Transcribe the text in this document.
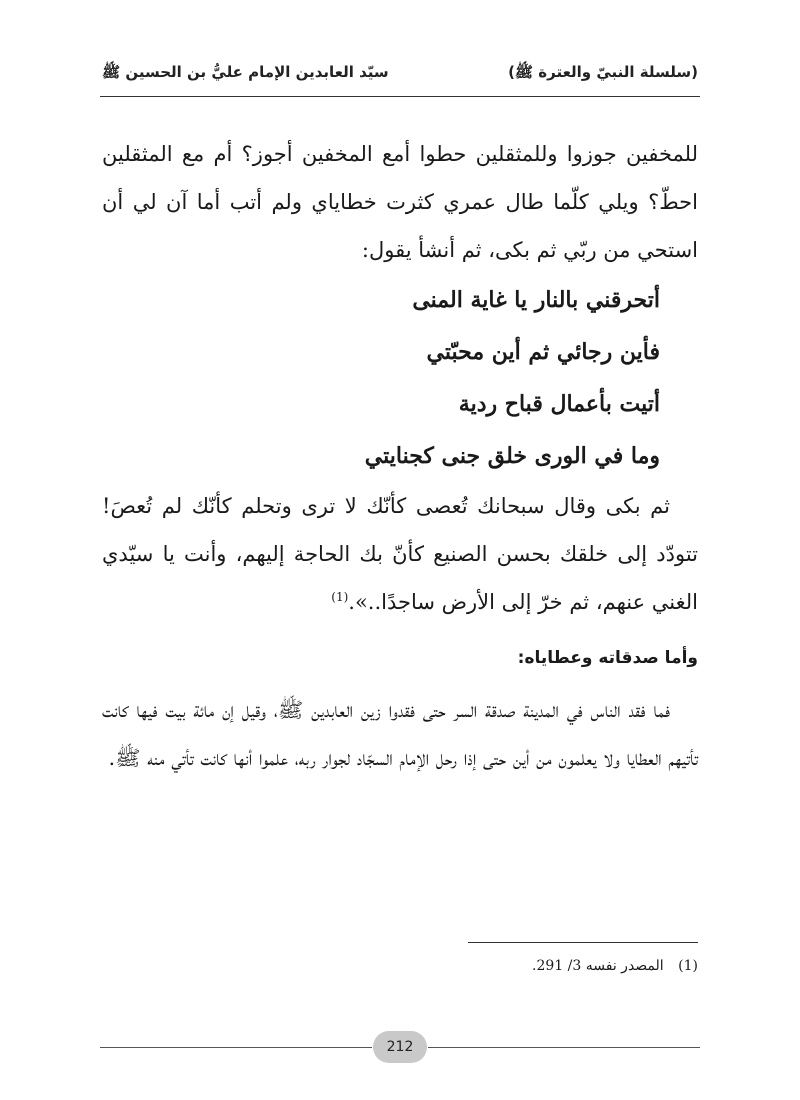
(سلسلة النبيّ والعترة ﷺ)
سيّد العابدين الإمام عليُّ بن الحسين ﷺ

للمخفين جوزوا وللمثقلين حطوا أمع المخفين أجوز؟ أم مع المثقلين احطّ؟ ويلي كلّما طال عمري كثرت خطاياي ولم أتب أما آن لي أن استحي من ربّي ثم بكى، ثم أنشأ يقول:

أتحرقني بالنار يا غاية المنى
فأين رجائي ثم أين محبّتي
أتيت بأعمال قباح ردية
وما في الورى خلق جنى كجنايتي

ثم بكى وقال سبحانك تُعصى كأنّك لا ترى وتحلم كأنّك لم تُعصَ! تتودّد إلى خلقك بحسن الصنيع كأنّ بك الحاجة إليهم، وأنت يا سيّدي الغني عنهم، ثم خرّ إلى الأرض ساجدًا..».$^{(1)}$

وأما صدقاته وعطاياه:

فما فقد الناس في المدينة صدقة السر حتى فقدوا زين العابدين ﷺ، وقيل إن مائة بيت فيها كانت تأتيهم العطايا ولا يعلمون من أين حتى إذا رحل الإمام السجّاد لجوار ربه، علموا أنها كانت تأتي منه ﷺ.

(1) المصدر نفسه 3/ 291.
212
